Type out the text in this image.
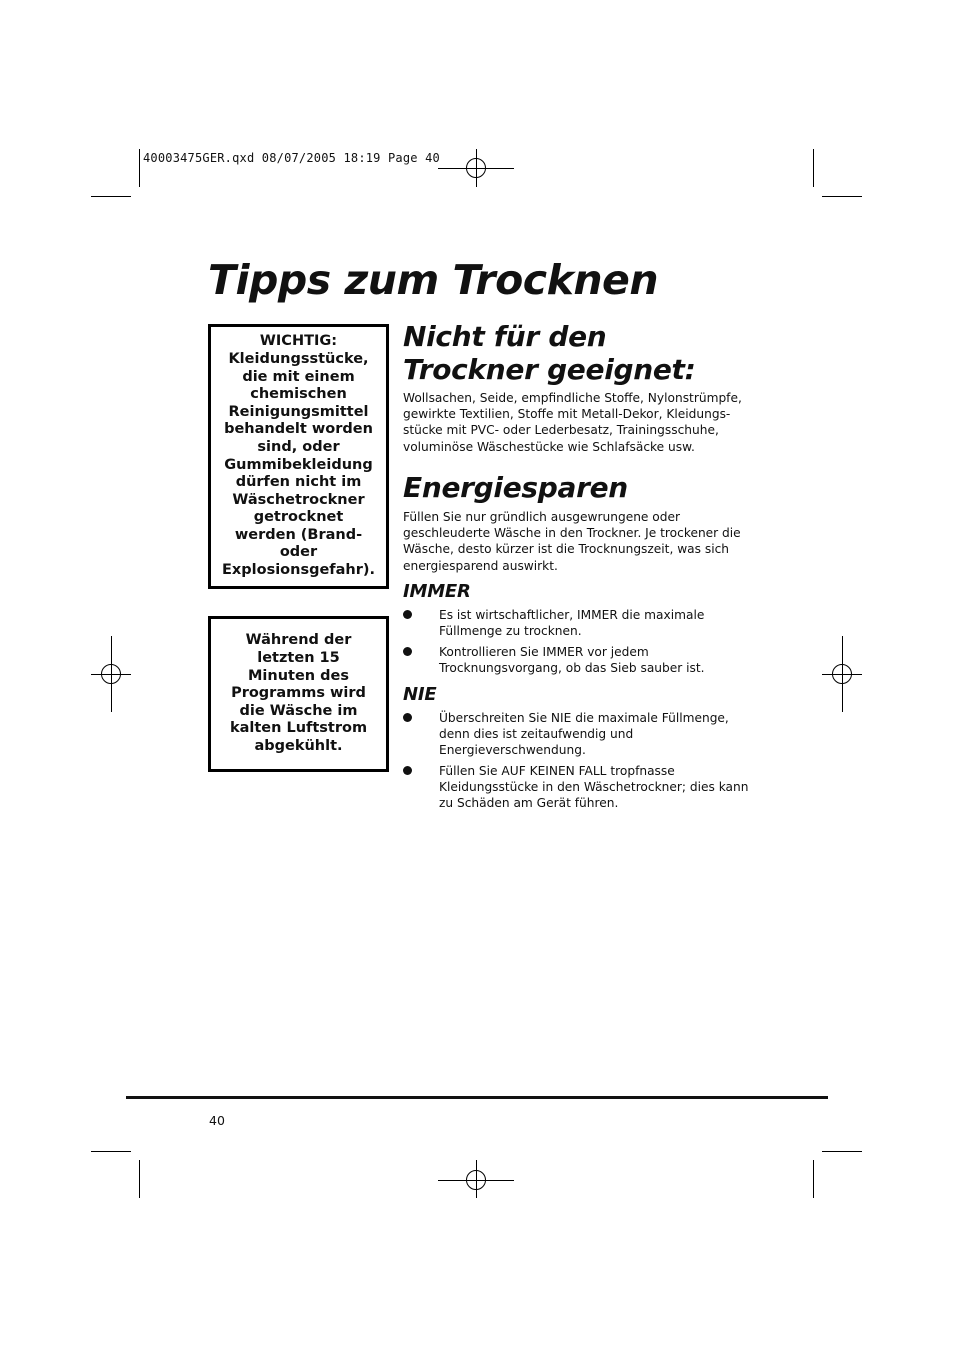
40003475GER.qxd 08/07/2005 18:19 Page 40
Tipps zum Trocknen

WICHTIG: Kleidungsstücke, die mit einem chemischen Reinigungsmittel behandelt worden sind, oder Gummibekleidung dürfen nicht im Wäschetrockner getrocknet werden (Brand- oder Explosionsgefahr).

Während der letzten 15 Minuten des Programms wird die Wäsche im kalten Luftstrom abgekühlt.

Nicht für den Trockner geeignet:
Wollsachen, Seide, empfindliche Stoffe, Nylonstrümpfe, gewirkte Textilien, Stoffe mit Metall-Dekor, Kleidungs-stücke mit PVC- oder Lederbesatz, Trainingsschuhe, voluminöse Wäschestücke wie Schlafsäcke usw.
Energiesparen
Füllen Sie nur gründlich ausgewrungene oder geschleuderte Wäsche in den Trockner. Je trockener die Wäsche, desto kürzer ist die Trocknungszeit, was sich energiesparend auswirkt.
IMMER
Es ist wirtschaftlicher, IMMER die maximale Füllmenge zu trocknen.
Kontrollieren Sie IMMER vor jedem Trocknungsvorgang, ob das Sieb sauber ist.
NIE
Überschreiten Sie NIE die maximale Füllmenge, denn dies ist zeitaufwendig und Energieverschwendung.
Füllen Sie AUF KEINEN FALL tropfnasse Kleidungsstücke in den Wäschetrockner; dies kann zu Schäden am Gerät führen.
40
